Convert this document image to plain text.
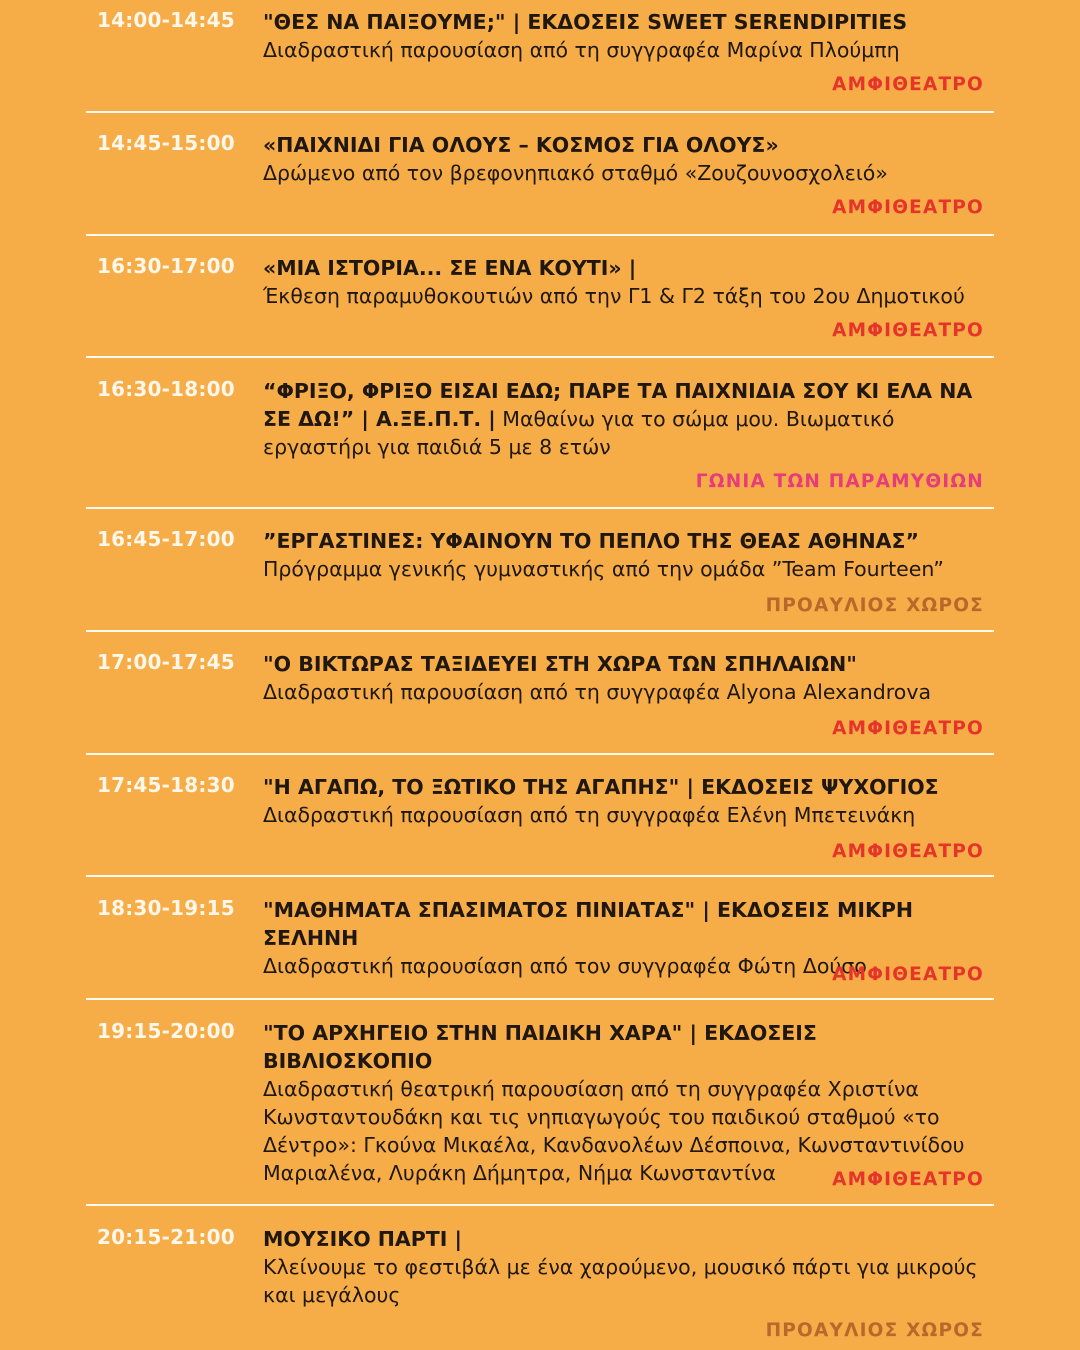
14:00-14:45 "ΘΕΣ ΝΑ ΠΑΙΞΟΥΜΕ;" | ΕΚΔΟΣΕΙΣ SWEET SERENDIPITIES
Διαδραστική παρουσίαση από τη συγγραφέα Μαρίνα Πλούμπη
ΑΜΦΙΘΕΑΤΡΟ
14:45-15:00 «ΠΑΙΧΝΙΔΙ ΓΙΑ ΟΛΟΥΣ – ΚΟΣΜΟΣ ΓΙΑ ΟΛΟΥΣ»
Δρώμενο από τον βρεφονηπιακό σταθμό «Ζουζουνοσχολειό»
ΑΜΦΙΘΕΑΤΡΟ
16:30-17:00 «ΜΙΑ ΙΣΤΟΡΙΑ... ΣΕ ΕΝΑ ΚΟΥΤΙ» |
Έκθεση παραμυθοκουτιών από την Γ1 & Γ2 τάξη του 2ου Δημοτικού
ΑΜΦΙΘΕΑΤΡΟ
16:30-18:00 “ΦΡΙΞΟ, ΦΡΙΞΟ ΕΙΣΑΙ ΕΔΩ; ΠΑΡΕ ΤΑ ΠΑΙΧΝΙΔΙΑ ΣΟΥ ΚΙ ΕΛΑ ΝΑ ΣΕ ΔΩ!” | Α.ΞΕ.Π.Τ. | Μαθαίνω για το σώμα μου. Βιωματικό εργαστήρι για παιδιά 5 με 8 ετών
ΓΩΝΙΑ ΤΩΝ ΠΑΡΑΜΥΘΙΩΝ
16:45-17:00 ”ΕΡΓΑΣΤΙΝΕΣ: ΥΦΑΙΝΟΥΝ ΤΟ ΠΕΠΛΟ ΤΗΣ ΘΕΑΣ ΑΘΗΝΑΣ”
Πρόγραμμα γενικής γυμναστικής από την ομάδα ”Team Fourteen”
ΠΡΟΑΥΛΙΟΣ ΧΩΡΟΣ
17:00-17:45 "Ο ΒΙΚΤΩΡΑΣ ΤΑΞΙΔΕΥΕΙ ΣΤΗ ΧΩΡΑ ΤΩΝ ΣΠΗΛΑΙΩΝ"
Διαδραστική παρουσίαση από τη συγγραφέα Alyona Alexandrova
ΑΜΦΙΘΕΑΤΡΟ
17:45-18:30 "Η ΑΓΑΠΩ, ΤΟ ΞΩΤΙΚΟ ΤΗΣ ΑΓΑΠΗΣ" | ΕΚΔΟΣΕΙΣ ΨΥΧΟΓΙΟΣ
Διαδραστική παρουσίαση από τη συγγραφέα Ελένη Μπετεινάκη
ΑΜΦΙΘΕΑΤΡΟ
18:30-19:15 "ΜΑΘΗΜΑΤΑ ΣΠΑΣΙΜΑΤΟΣ ΠΙΝΙΑΤΑΣ" | ΕΚΔΟΣΕΙΣ ΜΙΚΡΗ ΣΕΛΗΝΗ
Διαδραστική παρουσίαση από τον συγγραφέα Φώτη Δούσο
ΑΜΦΙΘΕΑΤΡΟ
19:15-20:00 "ΤΟ ΑΡΧΗΓΕΙΟ ΣΤΗΝ ΠΑΙΔΙΚΗ ΧΑΡΑ" | ΕΚΔΟΣΕΙΣ ΒΙΒΛΙΟΣΚΟΠΙΟ
Διαδραστική θεατρική παρουσίαση από τη συγγραφέα Χριστίνα Κωνσταντουδάκη και τις νηπιαγωγούς του παιδικού σταθμού «το Δέντρο»: Γκούνα Μικαέλα, Κανδανολέων Δέσποινα, Κωνσταντινίδου Μαριαλένα, Λυράκη Δήμητρα, Νήμα Κωνσταντίνα	ΑΜΦΙΘΕΑΤΡΟ
20:15-21:00 ΜΟΥΣΙΚΟ ΠΑΡΤΙ |
Κλείνουμε το φεστιβάλ με ένα χαρούμενο, μουσικό πάρτι για μικρούς και μεγάλους
ΠΡΟΑΥΛΙΟΣ ΧΩΡΟΣ
